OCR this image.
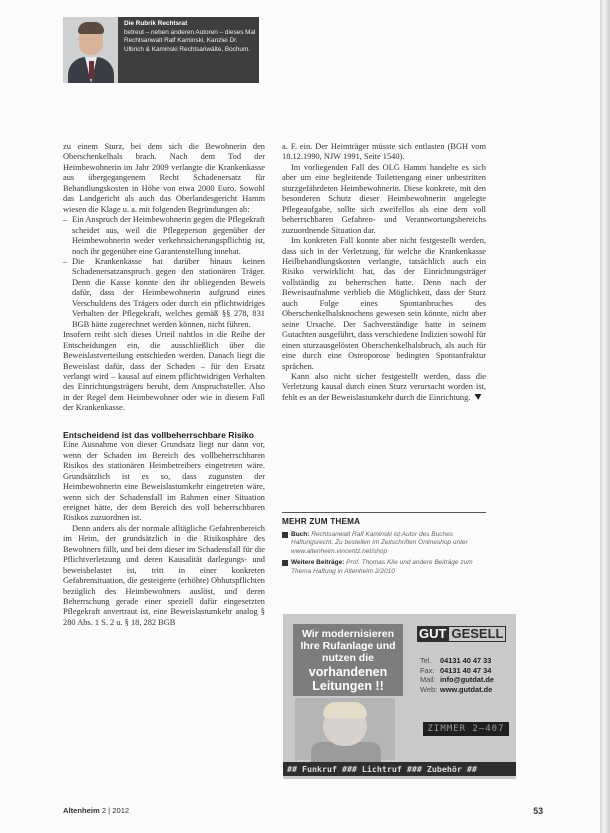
Die Rubrik Rechtsrat
betreut – neben anderen Autoren – dieses Mal Rechtsanwalt Ralf Kaminski, Kanzlei Dr. Ulbrich & Kaminski Rechtsanwälte, Bochum.

zu einem Sturz, bei dem sich die Bewohnerin den Oberschenkelhals brach. Nach dem Tod der Heimbewohnerin im Jahr 2009 verlangte die Krankenkasse aus übergegangenem Recht Schadenersatz für Behandlungskosten in Höhe von etwa 2000 Euro. Sowohl das Landgericht als auch das Oberlandesgericht Hamm wiesen die Klage u. a. mit folgenden Begründungen ab:

– Ein Anspruch der Heimbewohnerin gegen die Pflegekraft scheidet aus, weil die Pflegeperson gegenüber der Heimbewohnerin weder verkehrssicherungspflichtig ist, noch ihr gegenüber eine Garantenstellung innehat.
– Die Krankenkasse hat darüber hinaus keinen Schadenersatzanspruch gegen den stationären Träger. Denn die Kasse konnte den ihr obliegenden Beweis dafür, dass der Heimbewohnerin aufgrund eines Verschuldens des Trägers oder durch ein pflichtwidriges Verhalten der Pflegekraft, welches gemäß §§ 278, 831 BGB hätte zugerechnet werden können, nicht führen.

Insofern reiht sich dieses Urteil nahtlos in die Reihe der Entscheidungen ein, die ausschließlich über die Beweislastverteilung entschieden werden. Danach liegt die Beweislast dafür, dass der Schaden – für den Ersatz verlangt wird – kausal auf einem pflichtwidrigen Verhalten des Einrichtungsträgers beruht, dem Anspruchsteller. Also in der Regel dem Heimbewohner oder wie in diesem Fall der Krankenkasse.

Entscheidend ist das vollbeherrschbare Risiko

Eine Ausnahme von dieser Grundsatz liegt nur dann vor, wenn der Schaden im Bereich des vollbeherrschbaren Risikos des stationären Heimbetreibers eingetreten wäre. Grundsätzlich ist es so, dass zugunsten der Heimbewohnerin eine Beweislastumkehr eingetreten wäre, wenn sich der Schadensfall im Rahmen einer Situation ereignet hätte, der dem Bereich des voll beherrschbaren Risikos zuzuordnen ist.

Denn anders als der normale alltägliche Gefahrenbereich im Heim, der grundsätzlich in die Risikosphäre des Bewohners fällt, und bei dem dieser im Schadensfall für die Pflichtverletzung und deren Kausalität darlegungs- und beweisbelastet ist, tritt in einer konkreten Gefahrensituation, die gesteigerte (erhöhte) Obhutspflichten bezüglich des Heimbewohners auslöst, und deren Beherrschung gerade einer speziell dafür eingesetzten Pflegekraft anvertraut ist, eine Beweislastumkehr analog § 280 Abs. 1 S. 2 u. § 18, 282 BGB

a. F. ein. Der Heimträger müsste sich entlasten (BGH vom 18.12.1990, NJW 1991, Seite 1540).

Im vorliegenden Fall des OLG Hamm handelte es sich aber um eine begleitende Toilettengang einer unbestritten sturzgefährdeten Heimbewohnerin. Diese konkrete, mit den besonderen Schutz dieser Heimbewohnerin angelegte Pflegeaufgabe, sollte sich zweifellos als eine dem voll beherrschbaren Gefahren- und Verantwortungsbereichs zuzuordnende Situation dar.

Im konkreten Fall konnte aber nicht festgestellt werden, dass sich in der Verletzung, für welche die Krankenkasse Heilbehandlungskosten verlangte, tatsächlich auch ein Risiko verwirklicht hat, das der Einrichtungsträger vollständig zu beherrschen hatte. Denn nach der Beweisaufnahme verblieb die Möglichkeit, dass der Sturz auch Folge eines Spontanbruches des Oberschenkelhalsknochens gewesen sein könnte, nicht aber seine Ursache. Der Sachverständige hatte in seinem Gutachten ausgeführt, dass verschiedene Indizien sowohl für einen sturzausgelösten Oberschenkelhalsbruch, als auch für eine durch eine Osteoporose bedingten Spontanfraktur sprächen.

Kann also nicht sicher festgestellt werden, dass die Verletzung kausal durch einen Sturz verursacht worden ist, fehlt es an der Beweislastumkehr durch die Einrichtung.

MEHR ZUM THEMA
Buch: Rechtsanwalt Ralf Kaminski ist Autor des Buches Haftungsrecht. Zu bestellen im Zeitschriften Onlineshop unter www.altenheim.vincentz.net/shop
Weitere Beiträge: Prof. Thomas Klie und andere Beiträge zum Thema Haftung in Altenheim 2/2010
Wir modernisieren Ihre Rufanlage und nutzen die
vorhandenen Leitungen !!
GUT GESELL
Tel. 04131 40 47 33
Fax: 04131 40 47 34
Mail: info@gutdat.de
Web: www.gutdat.de
ZIMMER 2–407
## Funkruf ### Lichtruf ### Zubehör ##
Altenheim 2 | 2012	53
